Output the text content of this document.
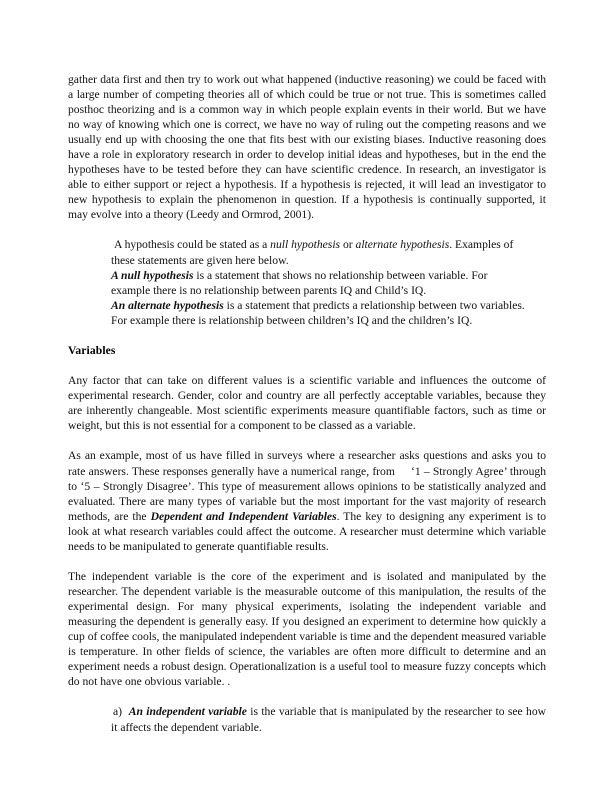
gather data first and then try to work out what happened (inductive reasoning) we could be faced with a large number of competing theories all of which could be true or not true. This is sometimes called posthoc theorizing and is a common way in which people explain events in their world. But we have no way of knowing which one is correct, we have no way of ruling out the competing reasons and we usually end up with choosing the one that fits best with our existing biases. Inductive reasoning does have a role in exploratory research in order to develop initial ideas and hypotheses, but in the end the hypotheses have to be tested before they can have scientific credence. In research, an investigator is able to either support or reject a hypothesis. If a hypothesis is rejected, it will lead an investigator to new hypothesis to explain the phenomenon in question. If a hypothesis is continually supported, it may evolve into a theory (Leedy and Ormrod, 2001).

A hypothesis could be stated as a null hypothesis or alternate hypothesis. Examples of these statements are given here below.

A null hypothesis is a statement that shows no relationship between variable. For example there is no relationship between parents IQ and Child’s IQ.

An alternate hypothesis is a statement that predicts a relationship between two variables. For example there is relationship between children’s IQ and the children’s IQ.

Variables

Any factor that can take on different values is a scientific variable and influences the outcome of experimental research. Gender, color and country are all perfectly acceptable variables, because they are inherently changeable. Most scientific experiments measure quantifiable factors, such as time or weight, but this is not essential for a component to be classed as a variable.

As an example, most of us have filled in surveys where a researcher asks questions and asks you to rate answers. These responses generally have a numerical range, from     ‘1 – Strongly Agree’ through to ‘5 – Strongly Disagree’. This type of measurement allows opinions to be statistically analyzed and evaluated. There are many types of variable but the most important for the vast majority of research methods, are the Dependent and Independent Variables. The key to designing any experiment is to look at what research variables could affect the outcome. A researcher must determine which variable needs to be manipulated to generate quantifiable results.

The independent variable is the core of the experiment and is isolated and manipulated by the researcher. The dependent variable is the measurable outcome of this manipulation, the results of the experimental design. For many physical experiments, isolating the independent variable and measuring the dependent is generally easy. If you designed an experiment to determine how quickly a cup of coffee cools, the manipulated independent variable is time and the dependent measured variable is temperature. In other fields of science, the variables are often more difficult to determine and an experiment needs a robust design. Operationalization is a useful tool to measure fuzzy concepts which do not have one obvious variable. .

a) An independent variable is the variable that is manipulated by the researcher to see how it affects the dependent variable.
